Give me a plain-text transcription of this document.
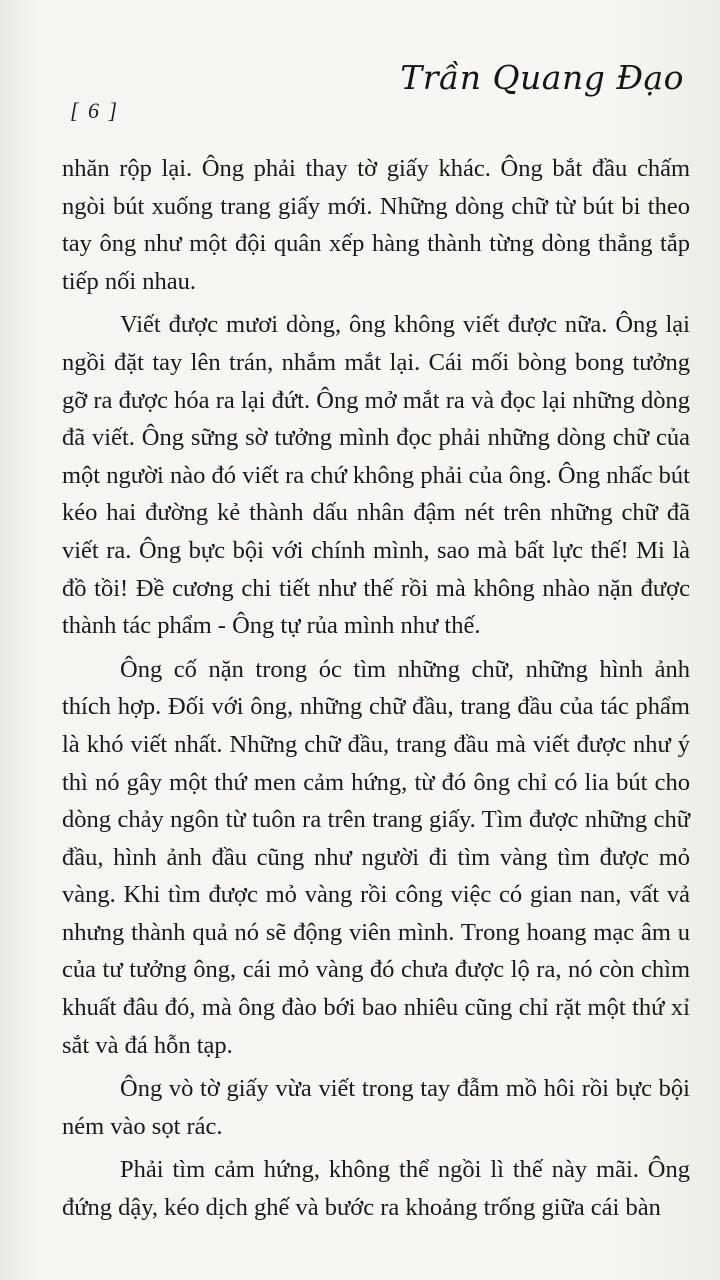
Trần Quang Đạo
[ 6 ]

nhăn rộp lại. Ông phải thay tờ giấy khác. Ông bắt đầu chấm ngòi bút xuống trang giấy mới. Những dòng chữ từ bút bi theo tay ông như một đội quân xếp hàng thành từng dòng thẳng tắp tiếp nối nhau.

Viết được mươi dòng, ông không viết được nữa. Ông lại ngồi đặt tay lên trán, nhắm mắt lại. Cái mối bòng bong tưởng gỡ ra được hóa ra lại đứt. Ông mở mắt ra và đọc lại những dòng đã viết. Ông sững sờ tưởng mình đọc phải những dòng chữ của một người nào đó viết ra chứ không phải của ông. Ông nhấc bút kéo hai đường kẻ thành dấu nhân đậm nét trên những chữ đã viết ra. Ông bực bội với chính mình, sao mà bất lực thế! Mi là đồ tồi! Đề cương chi tiết như thế rồi mà không nhào nặn được thành tác phẩm - Ông tự rủa mình như thế.

Ông cố nặn trong óc tìm những chữ, những hình ảnh thích hợp. Đối với ông, những chữ đầu, trang đầu của tác phẩm là khó viết nhất. Những chữ đầu, trang đầu mà viết được như ý thì nó gây một thứ men cảm hứng, từ đó ông chỉ có lia bút cho dòng chảy ngôn từ tuôn ra trên trang giấy. Tìm được những chữ đầu, hình ảnh đầu cũng như người đi tìm vàng tìm được mỏ vàng. Khi tìm được mỏ vàng rồi công việc có gian nan, vất vả nhưng thành quả nó sẽ động viên mình. Trong hoang mạc âm u của tư tưởng ông, cái mỏ vàng đó chưa được lộ ra, nó còn chìm khuất đâu đó, mà ông đào bới bao nhiêu cũng chỉ rặt một thứ xỉ sắt và đá hỗn tạp.

Ông vò tờ giấy vừa viết trong tay đẫm mồ hôi rồi bực bội ném vào sọt rác.

Phải tìm cảm hứng, không thể ngồi lì thế này mãi. Ông đứng dậy, kéo dịch ghế và bước ra khoảng trống giữa cái bàn
